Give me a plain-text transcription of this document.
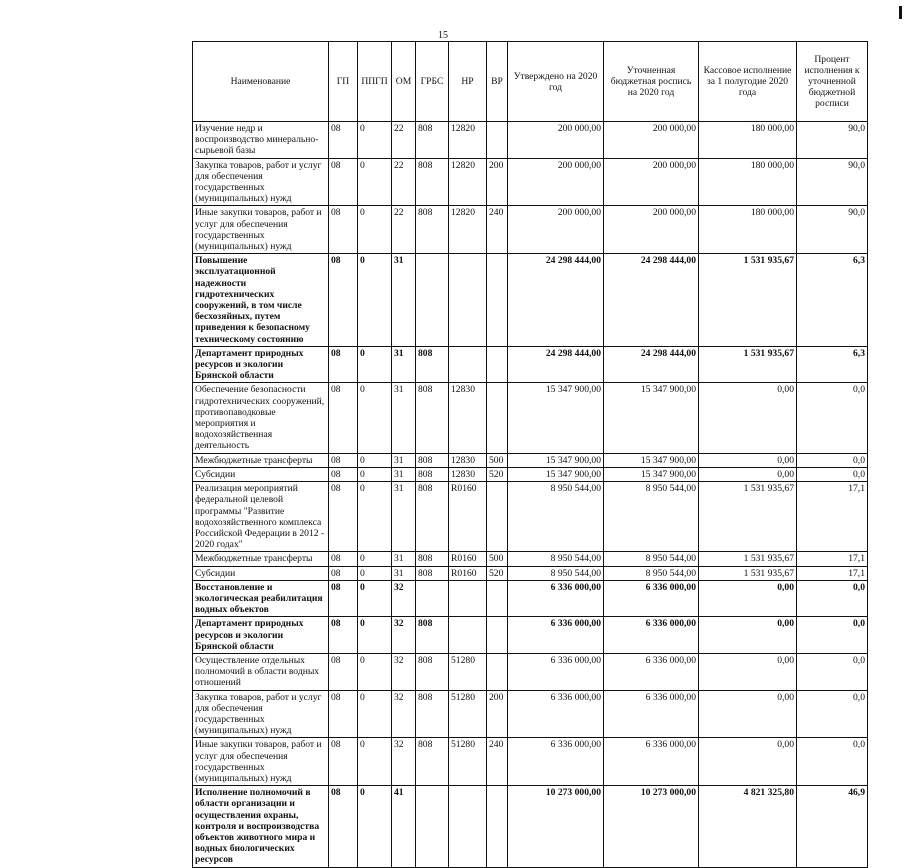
15
Наименование	ГП	ППГП	ОМ	ГРБС	НР	ВР	Утверждено на 2020 год	Уточненная бюджетная роспись на 2020 год	Кассовое исполнение за 1 полугодие 2020 года	Процент исполнения к уточненной бюджетной росписи
Изучение недр и воспроизводство минерально-сырьевой базы	08	0	22	808	12820		200 000,00	200 000,00	180 000,00	90,0
Закупка товаров, работ и услуг для обеспечения государственных (муниципальных) нужд	08	0	22	808	12820	200	200 000,00	200 000,00	180 000,00	90,0
Иные закупки товаров, работ и услуг для обеспечения государственных (муниципальных) нужд	08	0	22	808	12820	240	200 000,00	200 000,00	180 000,00	90,0
Повышение эксплуатационной надежности гидротехнических сооружений, в том числе бесхозяйных, путем приведения к безопасному техническому состоянию	08	0	31				24 298 444,00	24 298 444,00	1 531 935,67	6,3
Департамент природных ресурсов и экологии Брянской области	08	0	31	808			24 298 444,00	24 298 444,00	1 531 935,67	6,3
Обеспечение безопасности гидротехнических сооружений, противопаводковые мероприятия и водохозяйственная деятельность	08	0	31	808	12830		15 347 900,00	15 347 900,00	0,00	0,0
Межбюджетные трансферты	08	0	31	808	12830	500	15 347 900,00	15 347 900,00	0,00	0,0
Субсидии	08	0	31	808	12830	520	15 347 900,00	15 347 900,00	0,00	0,0
Реализация мероприятий федеральной целевой программы "Развитие водохозяйственного комплекса Российской Федерации в 2012 - 2020 годах"	08	0	31	808	R0160		8 950 544,00	8 950 544,00	1 531 935,67	17,1
Межбюджетные трансферты	08	0	31	808	R0160	500	8 950 544,00	8 950 544,00	1 531 935,67	17,1
Субсидии	08	0	31	808	R0160	520	8 950 544,00	8 950 544,00	1 531 935,67	17,1
Восстановление и экологическая реабилитация водных объектов	08	0	32				6 336 000,00	6 336 000,00	0,00	0,0
Департамент природных ресурсов и экологии Брянской области	08	0	32	808			6 336 000,00	6 336 000,00	0,00	0,0
Осуществление отдельных полномочий в области водных отношений	08	0	32	808	51280		6 336 000,00	6 336 000,00	0,00	0,0
Закупка товаров, работ и услуг для обеспечения государственных (муниципальных) нужд	08	0	32	808	51280	200	6 336 000,00	6 336 000,00	0,00	0,0
Иные закупки товаров, работ и услуг для обеспечения государственных (муниципальных) нужд	08	0	32	808	51280	240	6 336 000,00	6 336 000,00	0,00	0,0
Исполнение полномочий в области организации и осуществления охраны, контроля и воспроизводства объектов животного мира и водных биологических ресурсов	08	0	41				10 273 000,00	10 273 000,00	4 821 325,80	46,9
